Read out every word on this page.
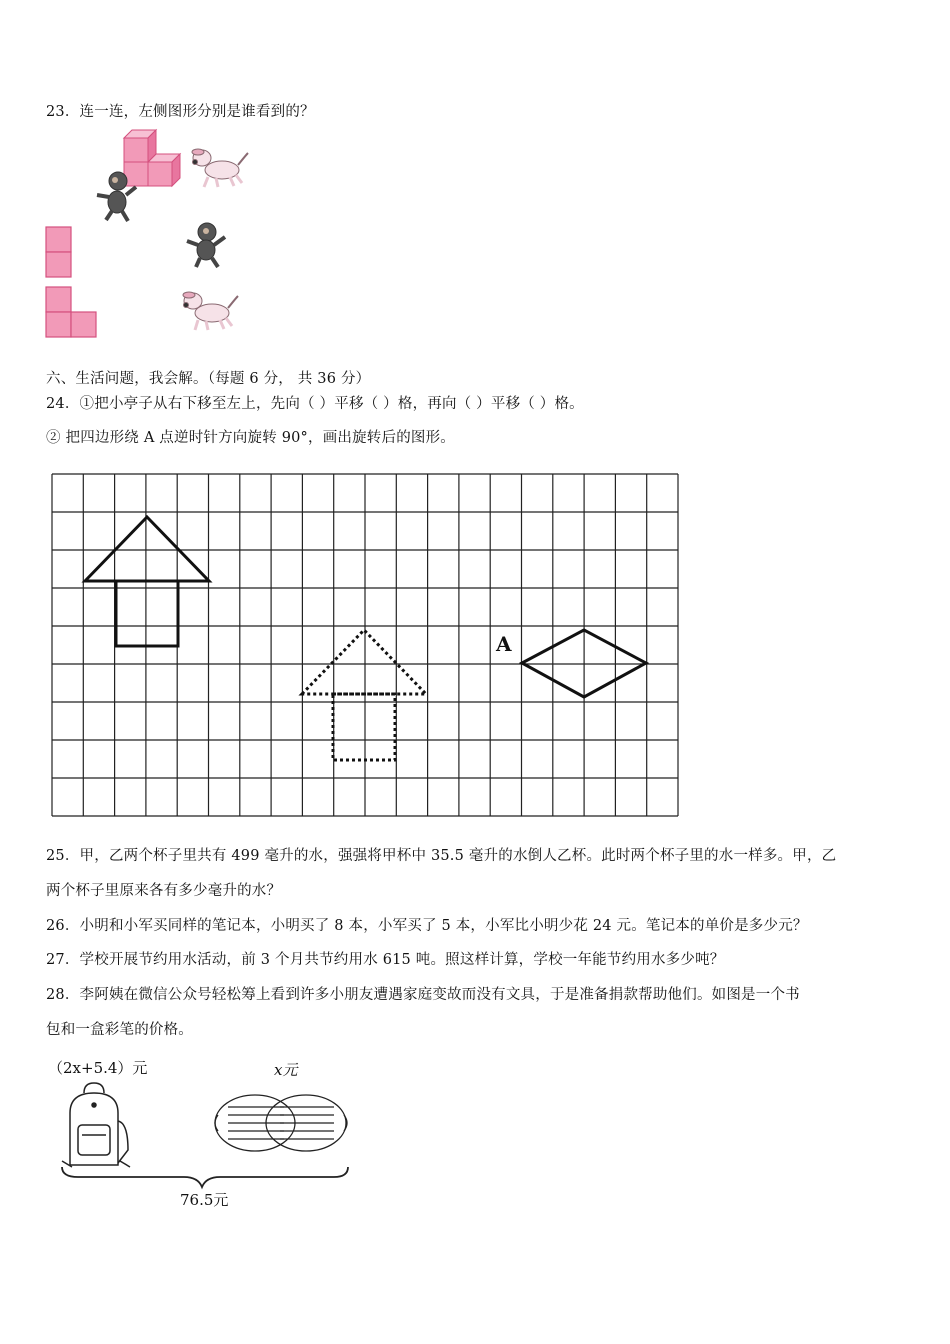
23．连一连，左侧图形分别是谁看到的？
六、生活问题，我会解。（每题 6 分， 共 36 分）
24．①把小亭子从右下移至左上，先向（ ）平移（ ）格，再向（ ）平移（ ）格。
② 把四边形绕 A 点逆时针方向旋转 90°，画出旋转后的图形。
A
25．甲，乙两个杯子里共有 499 毫升的水，强强将甲杯中 35.5 毫升的水倒人乙杯。此时两个杯子里的水一样多。甲，乙
两个杯子里原来各有多少毫升的水？
26．小明和小军买同样的笔记本，小明买了 8 本，小军买了 5 本，小军比小明少花 24 元。笔记本的单价是多少元？
27．学校开展节约用水活动，前 3 个月共节约用水 615 吨。照这样计算，学校一年能节约用水多少吨？
28．李阿姨在微信公众号轻松筹上看到许多小朋友遭遇家庭变故而没有文具，于是准备捐款帮助他们。如图是一个书
包和一盒彩笔的价格。
（2x+5.4）元	x元
76.5元
